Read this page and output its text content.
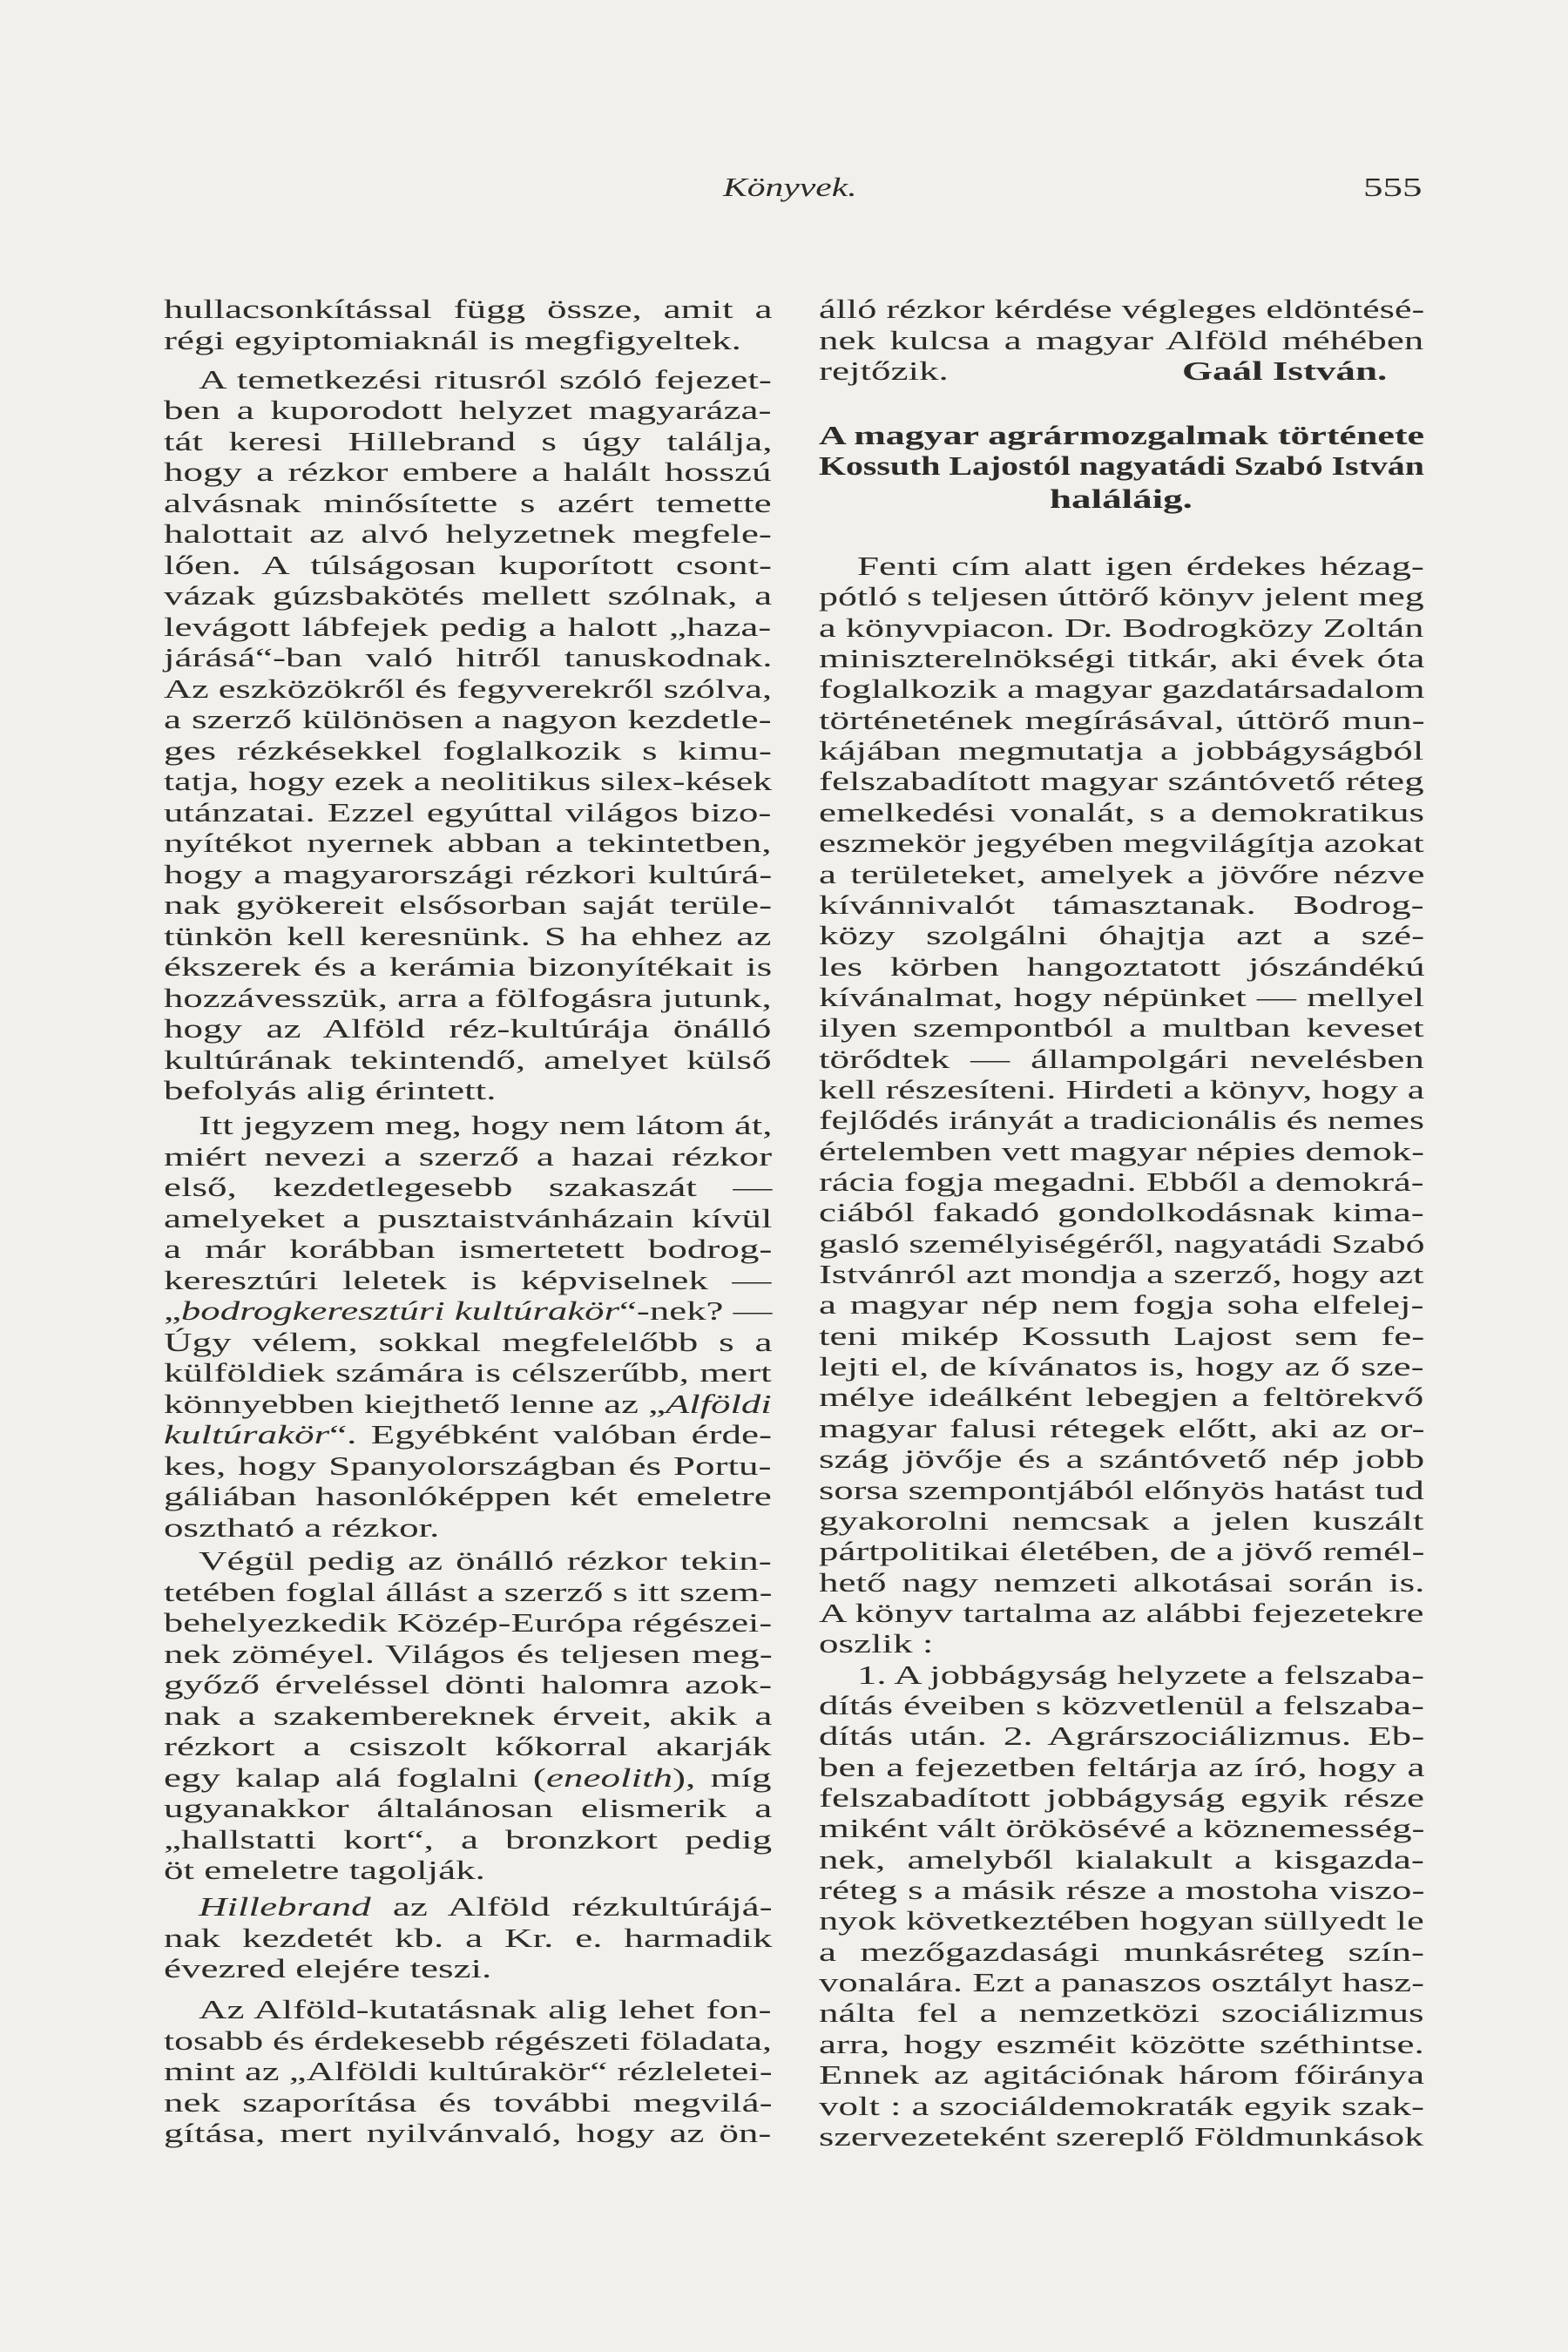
Könyvek.	555
hullacsonkítással függ össze, amit a
régi egyiptomiaknál is megfigyeltek.
A temetkezési ritusról szóló fejezet-
ben a kuporodott helyzet magyaráza-
tát keresi Hillebrand s úgy találja,
hogy a rézkor embere a halált hosszú
alvásnak minősítette s azért temette
halottait az alvó helyzetnek megfele-
lően. A túlságosan kuporított csont-
vázak gúzsbakötés mellett szólnak, a
levágott lábfejek pedig a halott „haza-
járásá“-ban való hitről tanuskodnak.
Az eszközökről és fegyverekről szólva,
a szerző különösen a nagyon kezdetle-
ges rézkésekkel foglalkozik s kimu-
tatja, hogy ezek a neolitikus silex-kések
utánzatai. Ezzel egyúttal világos bizo-
nyítékot nyernek abban a tekintetben,
hogy a magyarországi rézkori kultúrá-
nak gyökereit elsősorban saját terüle-
tünkön kell keresnünk. S ha ehhez az
ékszerek és a kerámia bizonyítékait is
hozzávesszük, arra a fölfogásra jutunk,
hogy az Alföld réz-kultúrája önálló
kultúrának tekintendő, amelyet külső
befolyás alig érintett.
Itt jegyzem meg, hogy nem látom át,
miért nevezi a szerző a hazai rézkor
első, kezdetlegesebb szakaszát —
amelyeket a pusztaistvánházain kívül
a már korábban ismertetett bodrog-
keresztúri leletek is képviselnek —
„bodrogkeresztúri kultúrakör“-nek? —
Úgy vélem, sokkal megfelelőbb s a
külföldiek számára is célszerűbb, mert
könnyebben kiejthető lenne az „Alföldi
kultúrakör“. Egyébként valóban érde-
kes, hogy Spanyolországban és Portu-
gáliában hasonlóképpen két emeletre
osztható a rézkor.
Végül pedig az önálló rézkor tekin-
tetében foglal állást a szerző s itt szem-
behelyezkedik Közép-Európa régészei-
nek zöméyel. Világos és teljesen meg-
győző érveléssel dönti halomra azok-
nak a szakembereknek érveit, akik a
rézkort a csiszolt kőkorral akarják
egy kalap alá foglalni (eneolith), míg
ugyanakkor általánosan elismerik a
„hallstatti kort“, a bronzkort pedig
öt emeletre tagolják.
Hillebrand az Alföld rézkultúrájá-
nak kezdetét kb. a Kr. e. harmadik
évezred elejére teszi.
Az Alföld-kutatásnak alig lehet fon-
tosabb és érdekesebb régészeti föladata,
mint az „Alföldi kultúrakör“ rézleletei-
nek szaporítása és további megvilá-
gítása, mert nyilvánvaló, hogy az ön-
álló rézkor kérdése végleges eldöntésé-
nek kulcsa a magyar Alföld méhében
rejtőzik.	Gaál István.
A magyar agrármozgalmak története
Kossuth Lajostól nagyatádi Szabó István
haláláig.
Fenti cím alatt igen érdekes hézag-
pótló s teljesen úttörő könyv jelent meg
a könyvpiacon. Dr. Bodrogközy Zoltán
miniszterelnökségi titkár, aki évek óta
foglalkozik a magyar gazdatársadalom
történetének megírásával, úttörő mun-
kájában megmutatja a jobbágyságból
felszabadított magyar szántóvető réteg
emelkedési vonalát, s a demokratikus
eszmekör jegyében megvilágítja azokat
a területeket, amelyek a jövőre nézve
kívánnivalót támasztanak. Bodrog-
közy szolgálni óhajtja azt a szé-
les körben hangoztatott jószándékú
kívánalmat, hogy népünket — mellyel
ilyen szempontból a multban keveset
törődtek — állampolgári nevelésben
kell részesíteni. Hirdeti a könyv, hogy a
fejlődés irányát a tradicionális és nemes
értelemben vett magyar népies demok-
rácia fogja megadni. Ebből a demokrá-
ciából fakadó gondolkodásnak kima-
gasló személyiségéről, nagyatádi Szabó
Istvánról azt mondja a szerző, hogy azt
a magyar nép nem fogja soha elfelej-
teni mikép Kossuth Lajost sem fe-
lejti el, de kívánatos is, hogy az ő sze-
mélye ideálként lebegjen a feltörekvő
magyar falusi rétegek előtt, aki az or-
szág jövője és a szántóvető nép jobb
sorsa szempontjából előnyös hatást tud
gyakorolni nemcsak a jelen kuszált
pártpolitikai életében, de a jövő remél-
hető nagy nemzeti alkotásai során is.
A könyv tartalma az alábbi fejezetekre
oszlik :
1. A jobbágyság helyzete a felszaba-
dítás éveiben s közvetlenül a felszaba-
dítás után. 2. Agrárszociálizmus. Eb-
ben a fejezetben feltárja az író, hogy a
felszabadított jobbágyság egyik része
miként vált örökösévé a köznemesség-
nek, amelyből kialakult a kisgazda-
réteg s a másik része a mostoha viszo-
nyok következtében hogyan süllyedt le
a mezőgazdasági munkásréteg szín-
vonalára. Ezt a panaszos osztályt hasz-
nálta fel a nemzetközi szociálizmus
arra, hogy eszméit közötte széthintse.
Ennek az agitációnak három főiránya
volt : a szociáldemokraták egyik szak-
szervezeteként szereplő Földmunkások
